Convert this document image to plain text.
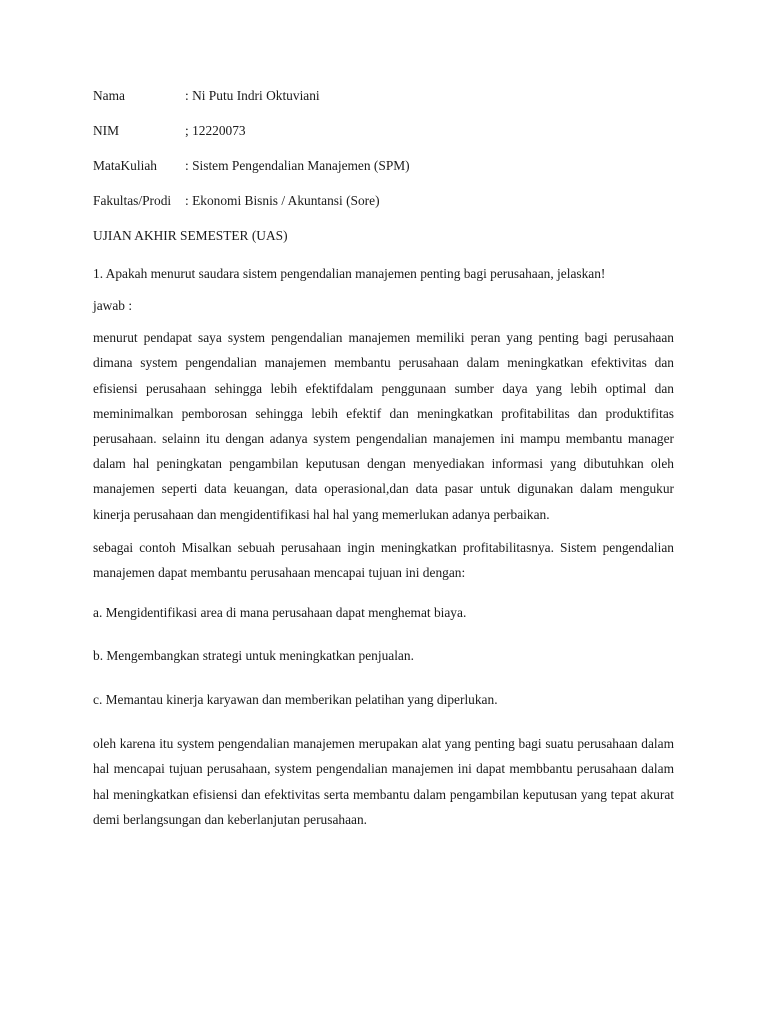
Nama	: Ni Putu Indri Oktuviani
NIM	; 12220073
MataKuliah : Sistem Pengendalian Manajemen (SPM)
Fakultas/Prodi : Ekonomi Bisnis / Akuntansi (Sore)
UJIAN AKHIR SEMESTER (UAS)
1. Apakah menurut saudara sistem pengendalian manajemen penting bagi perusahaan, jelaskan!
jawab :
menurut pendapat saya system pengendalian manajemen memiliki peran yang penting bagi perusahaan dimana system pengendalian manajemen membantu perusahaan dalam meningkatkan efektivitas dan efisiensi perusahaan sehingga lebih efektifdalam penggunaan sumber daya yang lebih optimal dan meminimalkan pemborosan sehingga lebih efektif dan meningkatkan profitabilitas dan produktifitas perusahaan. selainn itu dengan adanya system pengendalian manajemen ini mampu membantu manager dalam hal peningkatan pengambilan keputusan dengan menyediakan informasi yang dibutuhkan oleh manajemen seperti data keuangan, data operasional,dan data pasar untuk digunakan dalam mengukur kinerja perusahaan dan mengidentifikasi hal hal yang memerlukan adanya perbaikan.
sebagai contoh Misalkan sebuah perusahaan ingin meningkatkan profitabilitasnya. Sistem pengendalian manajemen dapat membantu perusahaan mencapai tujuan ini dengan:
a. Mengidentifikasi area di mana perusahaan dapat menghemat biaya.
b. Mengembangkan strategi untuk meningkatkan penjualan.
c. Memantau kinerja karyawan dan memberikan pelatihan yang diperlukan.
oleh karena itu system pengendalian manajemen merupakan alat yang penting bagi suatu perusahaan dalam hal mencapai tujuan perusahaan, system pengendalian manajemen ini dapat membbantu perusahaan dalam hal meningkatkan efisiensi dan efektivitas serta membantu dalam pengambilan keputusan yang tepat akurat demi berlangsungan dan keberlanjutan perusahaan.
